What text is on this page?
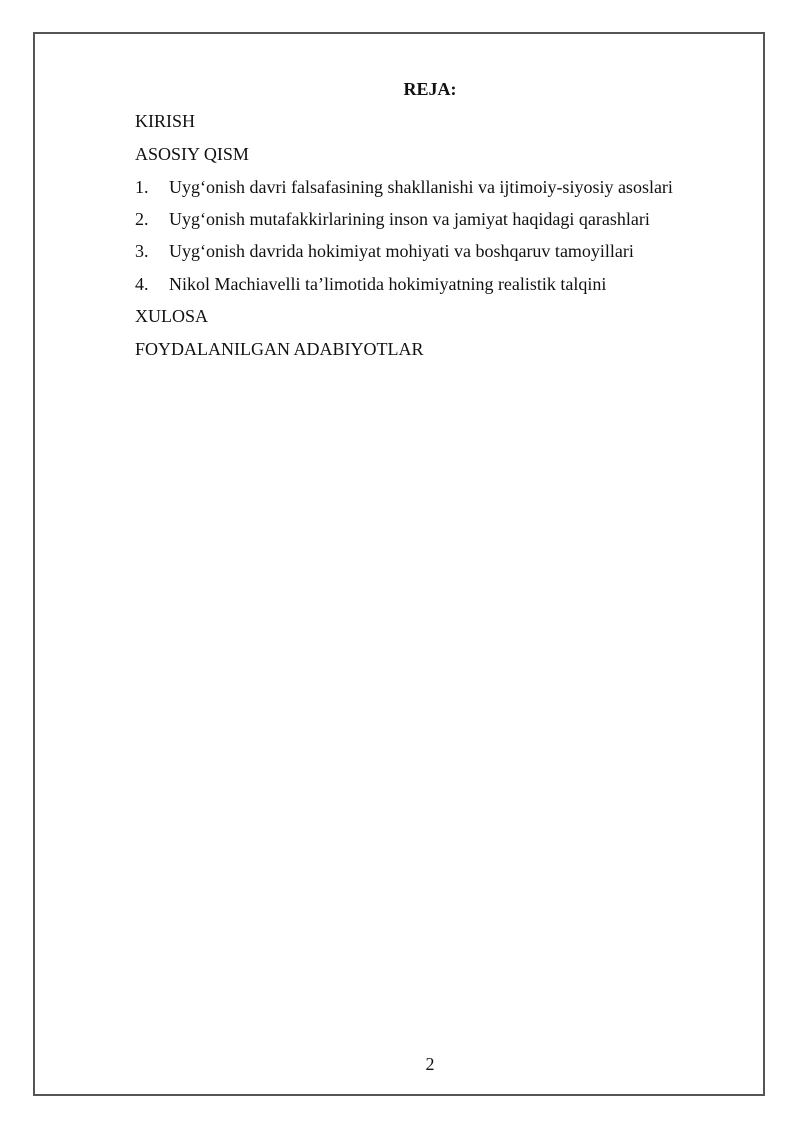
REJA:
KIRISH
ASOSIY QISM
1. Uyg‘onish davri falsafasining shakllanishi va ijtimoiy-siyosiy asoslari
2. Uyg‘onish mutafakkirlarining inson va jamiyat haqidagi qarashlari
3. Uyg‘onish davrida hokimiyat mohiyati va boshqaruv tamoyillari
4. Nikol Machiavelli ta’limotida hokimiyatning realistik talqini
XULOSA
FOYDALANILGAN ADABIYOTLAR
2
